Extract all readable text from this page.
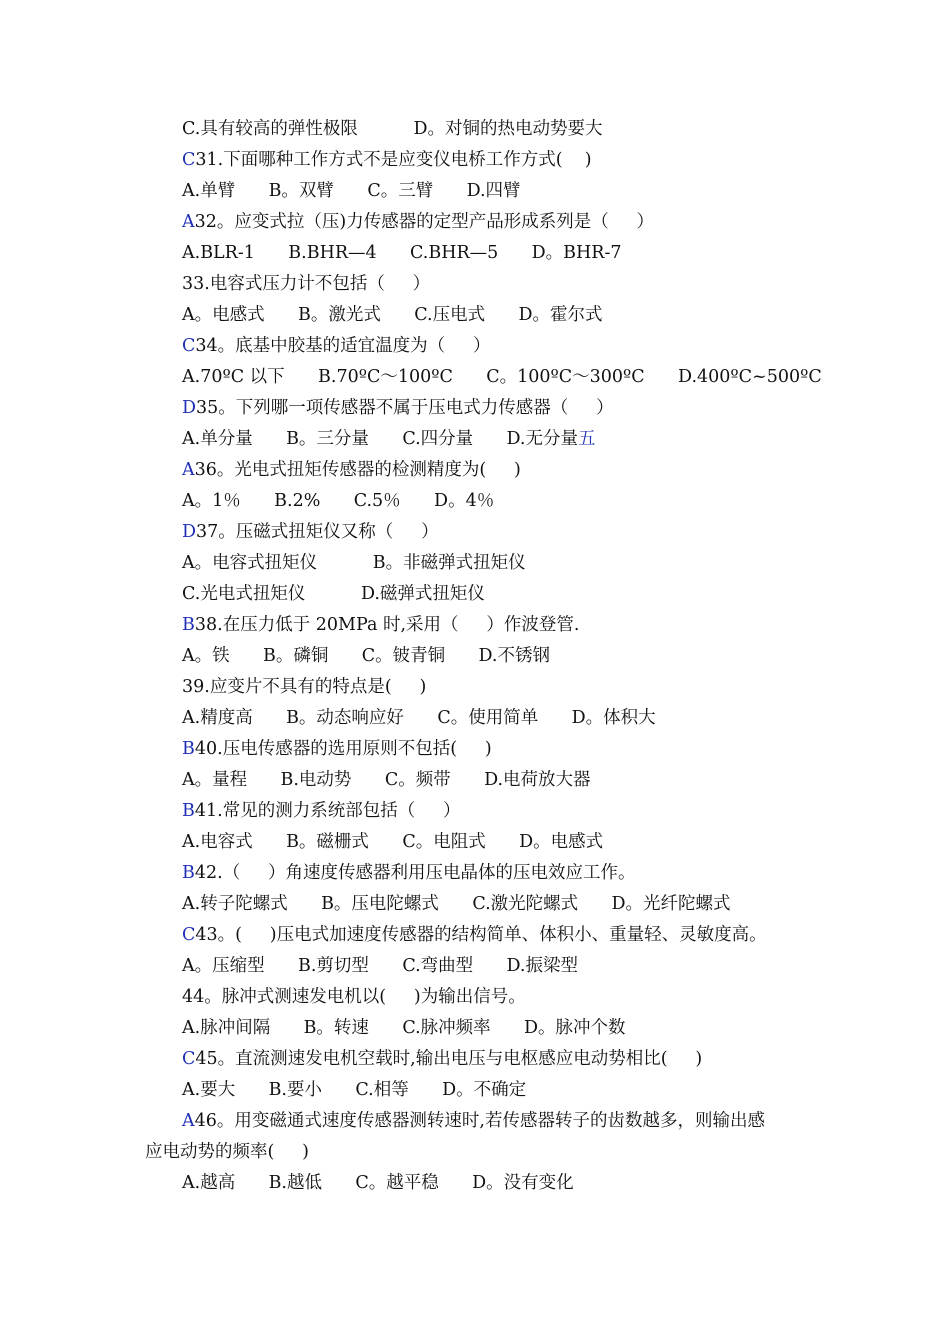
C.具有较高的弹性极限          D。对铜的热电动势要大
C31.下面哪种工作方式不是应变仪电桥工作方式(    )
A.单臂      B。双臂      C。三臂      D.四臂
A32。应变式拉（压)力传感器的定型产品形成系列是（     ）
A.BLR-1      B.BHR—4      C.BHR—5      D。BHR-7
33.电容式压力计不包括（     ）
A。电感式      B。激光式      C.压电式      D。霍尔式
C34。底基中胶基的适宜温度为（     ）
A.70ºC 以下      B.70ºC～100ºC      C。100ºC～300ºC      D.400ºC~500ºC
D35。下列哪一项传感器不属于压电式力传感器（     ）
A.单分量      B。三分量      C.四分量      D.无分量五
A36。光电式扭矩传感器的检测精度为(     )
A。1％      B.2%      C.5％      D。4％
D37。压磁式扭矩仪又称（     ）
A。电容式扭矩仪          B。非磁弹式扭矩仪
C.光电式扭矩仪          D.磁弹式扭矩仪
B38.在压力低于 20MPa 时,采用（     ）作波登管.
A。铁      B。磷铜      C。铍青铜      D.不锈钢
39.应变片不具有的特点是(     )
A.精度高      B。动态响应好      C。使用简单      D。体积大
B40.压电传感器的选用原则不包括(     )
A。量程      B.电动势      C。频带      D.电荷放大器
B41.常见的测力系统部包括（     ）
A.电容式      B。磁栅式      C。电阻式      D。电感式
B42.（     ）角速度传感器利用压电晶体的压电效应工作。
A.转子陀螺式      B。压电陀螺式      C.激光陀螺式      D。光纤陀螺式
C43。(     )压电式加速度传感器的结构简单、体积小、重量轻、灵敏度高。
A。压缩型      B.剪切型      C.弯曲型      D.振梁型
44。脉冲式测速发电机以(     )为输出信号。
A.脉冲间隔      B。转速      C.脉冲频率      D。脉冲个数
C45。直流测速发电机空载时,输出电压与电枢感应电动势相比(     )
A.要大      B.要小      C.相等      D。不确定
A46。用变磁通式速度传感器测转速时,若传感器转子的齿数越多，则输出感
应电动势的频率(     )
A.越高      B.越低      C。越平稳      D。没有变化
